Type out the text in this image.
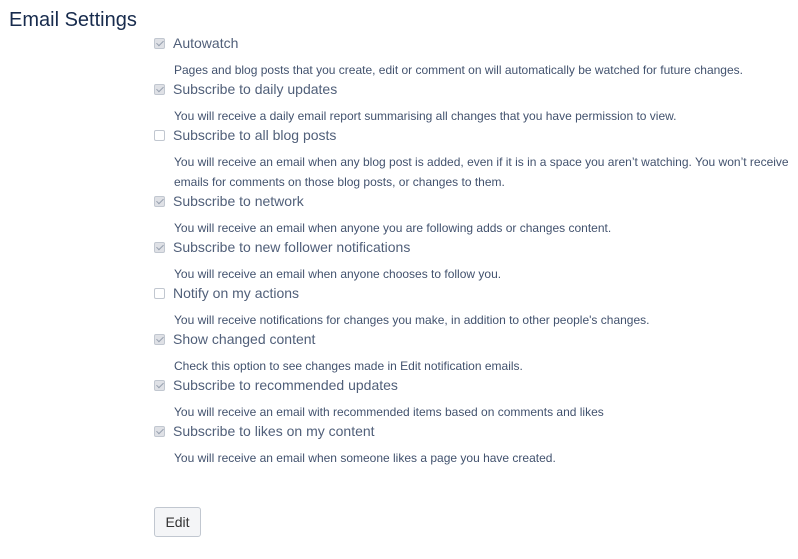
Email Settings
Autowatch
Pages and blog posts that you create, edit or comment on will automatically be watched for future changes.
Subscribe to daily updates
You will receive a daily email report summarising all changes that you have permission to view.
Subscribe to all blog posts
You will receive an email when any blog post is added, even if it is in a space you aren’t watching. You won’t receive emails for comments on those blog posts, or changes to them.
Subscribe to network
You will receive an email when anyone you are following adds or changes content.
Subscribe to new follower notifications
You will receive an email when anyone chooses to follow you.
Notify on my actions
You will receive notifications for changes you make, in addition to other people's changes.
Show changed content
Check this option to see changes made in Edit notification emails.
Subscribe to recommended updates
You will receive an email with recommended items based on comments and likes
Subscribe to likes on my content
You will receive an email when someone likes a page you have created.
Edit
